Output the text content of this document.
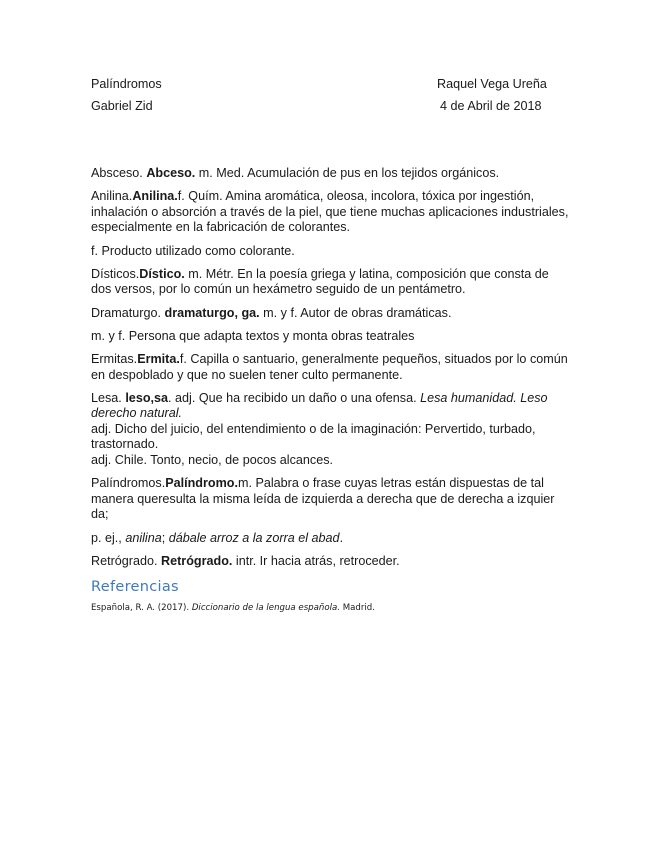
Palíndromos
Gabriel Zid
Raquel Vega Ureña
4 de Abril de 2018

Absceso. Abceso. m. Med. Acumulación de pus en los tejidos orgánicos.

Anilina.Anilina.f. Quím. Amina aromática, oleosa, incolora, tóxica por ingestión, inhalación o absorción a través de la piel, que tiene muchas aplicaciones industriales, especialmente en la fabricación de colorantes.

f. Producto utilizado como colorante.

Dísticos.Dístico. m. Métr. En la poesía griega y latina, composición que consta de dos versos, por lo común un hexámetro seguido de un pentámetro.

Dramaturgo. dramaturgo, ga. m. y f. Autor de obras dramáticas.

m. y f. Persona que adapta textos y monta obras teatrales

Ermitas.Ermita.f. Capilla o santuario, generalmente pequeños, situados por lo común en despoblado y que no suelen tener culto permanente.

Lesa. leso,sa. adj. Que ha recibido un daño o una ofensa. Lesa humanidad. Leso derecho natural.

adj. Dicho del juicio, del entendimiento o de la imaginación: Pervertido, turbado, trastornado.

adj. Chile. Tonto, necio, de pocos alcances.

Palíndromos.Palíndromo.m. Palabra o frase cuyas letras están dispuestas de tal manera queresulta la misma leída de izquierda a derecha que de derecha a izquier da;

p. ej., anilina; dábale arroz a la zorra el abad.

Retrógrado. Retrógrado. intr. Ir hacia atrás, retroceder.

Referencias
Española, R. A. (2017). Diccionario de la lengua española. Madrid.
